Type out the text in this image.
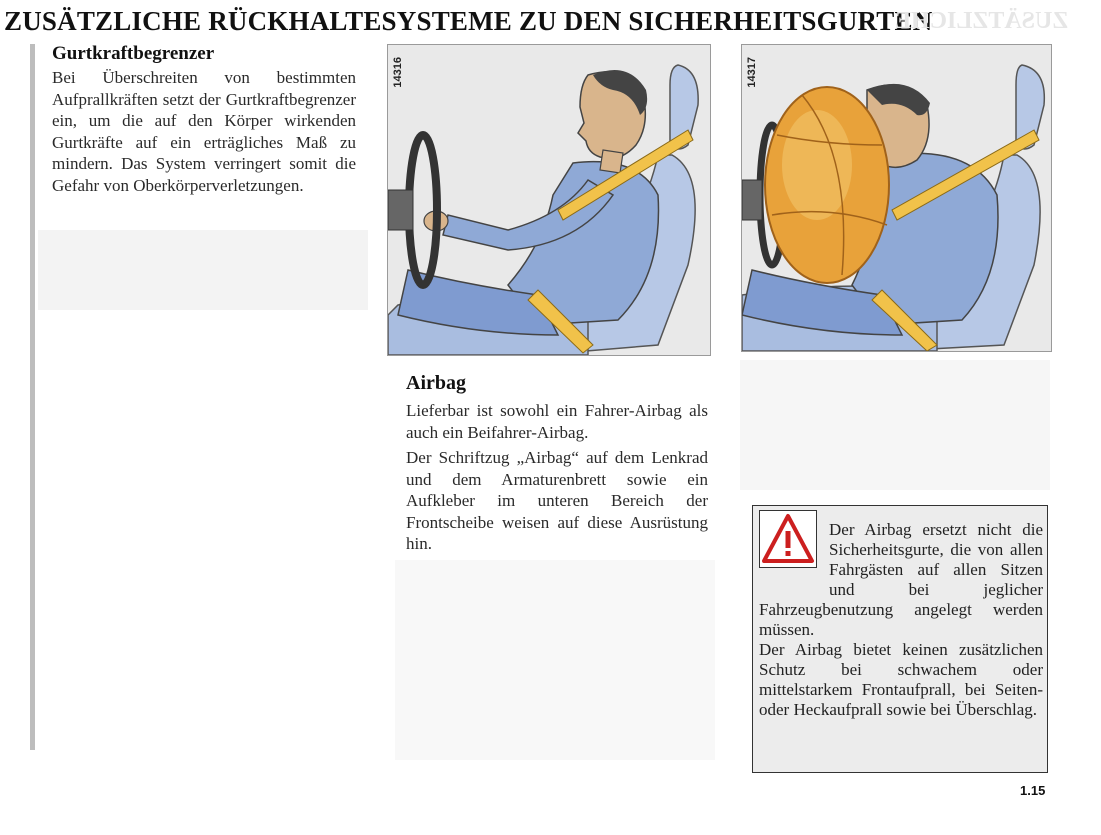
ZUSÄTZLICHE RÜCKHALTESYSTEME ZU DEN SICHERHEITSGURTEN
ZUSÄTZLICHE
Gurtkraftbegrenzer

Bei Überschreiten von bestimmten Aufprallkräften setzt der Gurtkraftbegrenzer ein, um die auf den Körper wirkenden Gurtkräfte auf ein erträgliches Maß zu mindern. Das System verringert somit die Gefahr von Oberkörperverletzungen.

14316	14317
Airbag

Lieferbar ist sowohl ein Fahrer-Airbag als auch ein Beifahrer-Airbag.

Der Schriftzug „Airbag“ auf dem Lenkrad und dem Armaturenbrett sowie ein Aufkleber im unteren Bereich der Frontscheibe weisen auf diese Ausrüstung hin.

Der Airbag ersetzt nicht die Sicherheitsgurte, die von allen Fahrgästen auf allen Sitzen und bei jeglicher Fahrzeugbenutzung angelegt werden müssen.

Der Airbag bietet keinen zusätzlichen Schutz bei schwachem oder mittelstarkem Frontaufprall, bei Seiten- oder Heckaufprall sowie bei Überschlag.

1.15
